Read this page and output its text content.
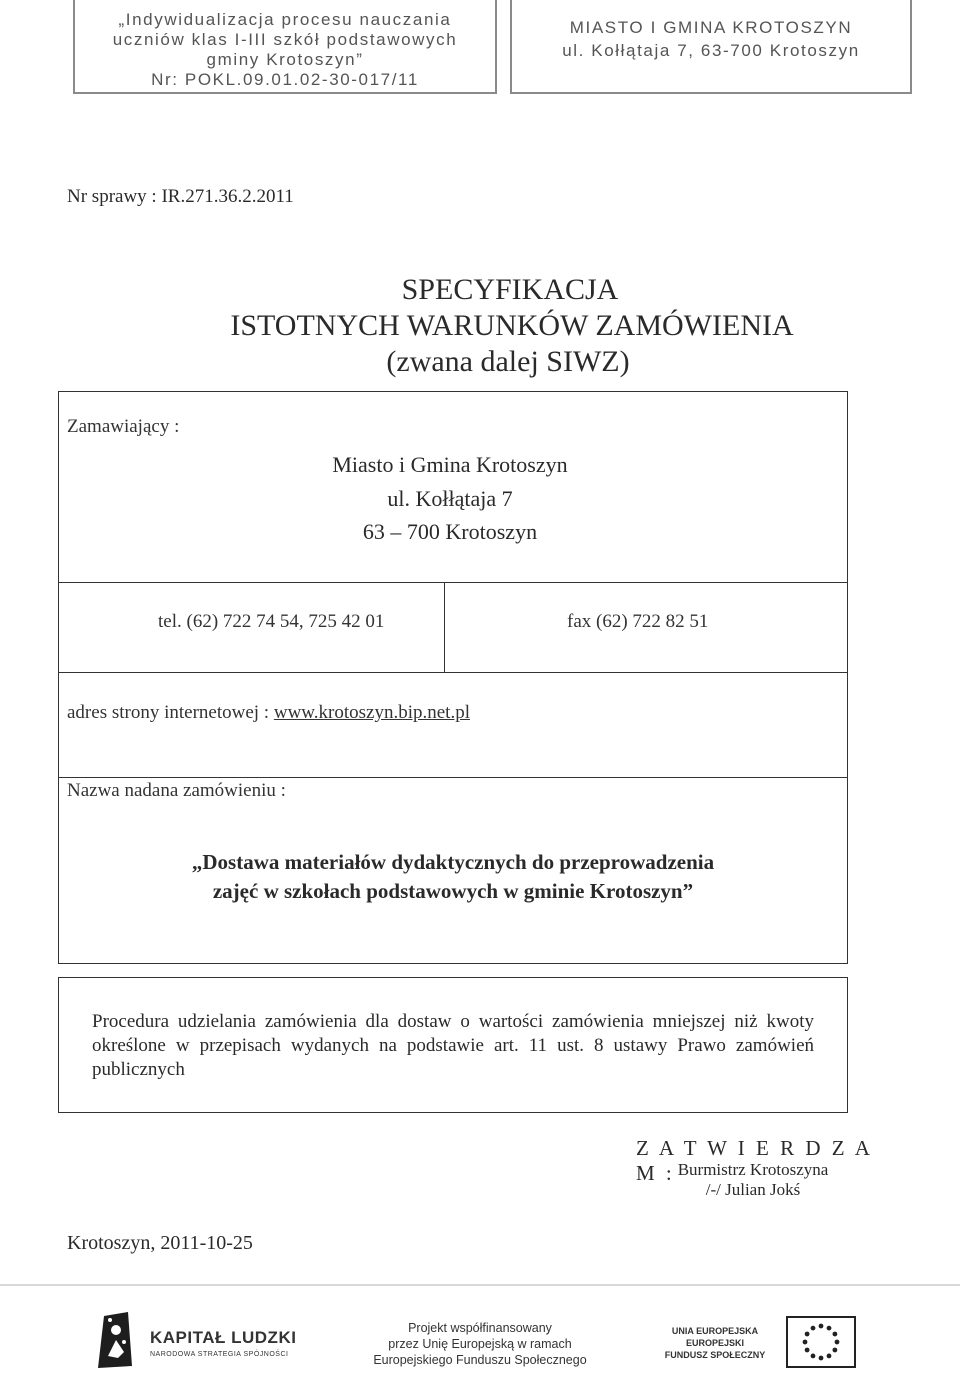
„Indywidualizacja procesu nauczania
uczniów klas I-III szkół podstawowych
gminy Krotoszyn”
Nr: POKL.09.01.02-30-017/11
MIASTO I GMINA KROTOSZYN
ul. Kołłątaja 7, 63-700 Krotoszyn
Nr sprawy : IR.271.36.2.2011
SPECYFIKACJA
ISTOTNYCH WARUNKÓW ZAMÓWIENIA
(zwana dalej SIWZ)
Zamawiający :
Miasto i Gmina Krotoszyn
ul. Kołłątaja 7
63 – 700 Krotoszyn
tel. (62) 722 74 54, 725 42 01	fax (62) 722 82 51
adres strony internetowej : www.krotoszyn.bip.net.pl
Nazwa nadana zamówieniu :
„Dostawa materiałów dydaktycznych do przeprowadzenia
zajęć w szkołach podstawowych w gminie Krotoszyn”
Procedura udzielania zamówienia dla dostaw o wartości zamówienia mniejszej niż kwoty określone w przepisach wydanych na podstawie art. 11 ust. 8 ustawy Prawo zamówień publicznych
Z A T W I E R D Z A M : Burmistrz Krotoszyna
/-/ Julian Jokś
Krotoszyn, 2011-10-25
KAPITAŁ LUDZKI
NARODOWA STRATEGIA SPÓJNOŚCI
Projekt współfinansowany
przez Unię Europejską w ramach
Europejskiego Funduszu Społecznego
UNIA EUROPEJSKA
EUROPEJSKI
FUNDUSZ SPOŁECZNY
